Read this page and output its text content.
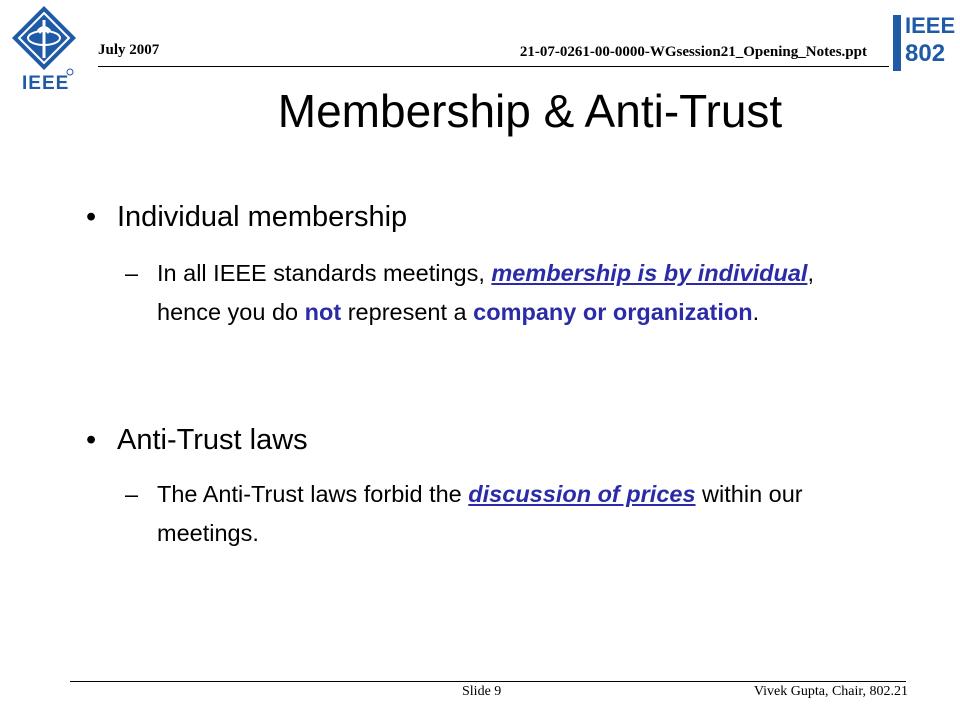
IEEE
July 2007	21-07-0261-00-0000-WGsession21_Opening_Notes.ppt
IEEE
802
Membership & Anti-Trust
• Individual membership
– In all IEEE standards meetings, membership is by individual, hence you do not represent a company or organization.
• Anti-Trust laws
– The Anti-Trust laws forbid the discussion of prices within our meetings.
Slide 9	Vivek Gupta, Chair, 802.21
